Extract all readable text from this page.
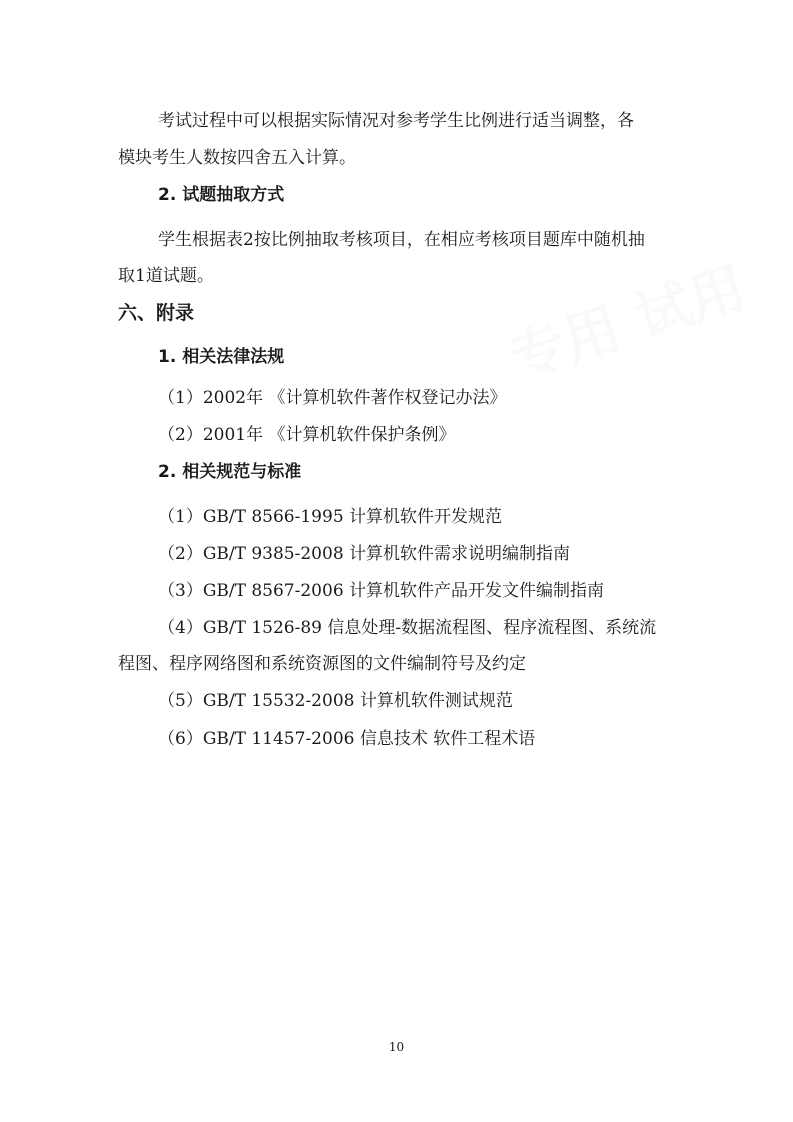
专用 试用
考试过程中可以根据实际情况对参考学生比例进行适当调整，各
模块考生人数按四舍五入计算。
2. 试题抽取方式
学生根据表2按比例抽取考核项目，在相应考核项目题库中随机抽
取1道试题。
六、附录
1. 相关法律法规
（1）2002年 《计算机软件著作权登记办法》
（2）2001年 《计算机软件保护条例》
2. 相关规范与标准
（1）GB/T 8566-1995 计算机软件开发规范
（2）GB/T 9385-2008 计算机软件需求说明编制指南
（3）GB/T 8567-2006 计算机软件产品开发文件编制指南
（4）GB/T 1526-89 信息处理-数据流程图、程序流程图、系统流
程图、程序网络图和系统资源图的文件编制符号及约定
（5）GB/T 15532-2008 计算机软件测试规范
（6）GB/T 11457-2006 信息技术 软件工程术语
10
